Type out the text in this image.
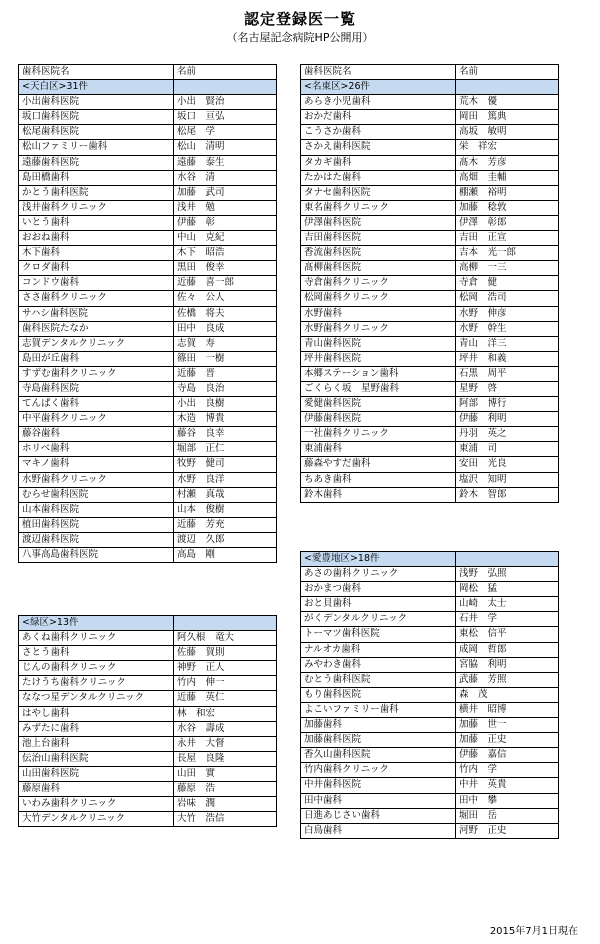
認定登録医一覧
（名古屋記念病院HP公開用）
歯科医院名	名前
<天白区>31件	
小出歯科医院	小出　賢治
坂口歯科医院	坂口　亘弘
松尾歯科医院	松尾　学
松山ファミリー歯科	松山　清明
遠藤歯科医院	遠藤　泰生
島田橋歯科	水谷　清
かとう歯科医院	加藤　武司
浅井歯科クリニック	浅井　勉
いとう歯科	伊藤　彰
おおね歯科	中山　克紀
木下歯科	木下　昭浩
クロダ歯科	黒田　俊幸
コンドウ歯科	近藤　喜一郎
ささ歯科クリニック	佐々　公人
サハシ歯科医院	佐橋　将夫
歯科医院たなか	田中　良成
志賀デンタルクリニック	志賀　寿
島田が丘歯科	篠田　一樹
すずむ歯科クリニック	近藤　晋
寺島歯科医院	寺島　良治
てんぱく歯科	小出　良樹
中平歯科クリニック	木造　博貴
藤谷歯科	藤谷　良幸
ホリベ歯科	堀部　正仁
マキノ歯科	牧野　健司
水野歯科クリニック	水野　良洋
むらせ歯科医院	村瀬　真哉
山本歯科医院	山本　俊樹
植田歯科医院	近藤　芳充
渡辺歯科医院	渡辺　久郎
八事高島歯科医院	高島　剛
<緑区>13件	
あくね歯科クリニック	阿久根　竜大
さとう歯科	佐藤　賀則
じんの歯科クリニック	神野　正人
たけうち歯科クリニック	竹内　伸一
ななつ星デンタルクリニック	近藤　英仁
はやし歯科	林　和宏
みずたに歯科	水谷　壽成
池上台歯科	永井　大督
伝治山歯科医院	長屋　良隆
山田歯科医院	山田　實
藤原歯科	藤原　浩
いわみ歯科クリニック	岩味　潤
大竹デンタルクリニック	大竹　浩信
歯科医院名	名前
<名東区>26件	
あらき小児歯科	荒木　優
おかだ歯科	岡田　篤典
こうさか歯科	高坂　敏明
さかえ歯科医院	栄　祥宏
タカギ歯科	髙木　芳彦
たかはた歯科	高畑　圭輔
タナセ歯科医院	棚瀬　裕明
東名歯科クリニック	加藤　稔敦
伊澤歯科医院	伊澤　彰郎
吉田歯科医院	吉田　正宣
香流歯科医院	吉本　光一郎
髙柳歯科医院	高柳　一三
寺倉歯科クリニック	寺倉　健
松岡歯科クリニック	松岡　浩司
水野歯科	水野　伸彦
水野歯科クリニック	水野　幹生
青山歯科医院	青山　洋三
坪井歯科医院	坪井　和義
本郷ステーション歯科	石黒　周平
ごくらく坂　星野歯科	星野　啓
愛健歯科医院	阿部　博行
伊藤歯科医院	伊藤　利明
一社歯科クリニック	丹羽　英之
東浦歯科	東浦　司
藤森やすだ歯科	安田　光良
ちあき歯科	塩沢　知明
鈴木歯科	鈴木　智郎
<愛豊地区>18件	
あさの歯科クリニック	浅野　弘照
おかまつ歯科	岡松　猛
おと貝歯科	山崎　太士
がくデンタルクリニック	石井　学
トーマツ歯科医院	東松　信平
ナルオカ歯科	成岡　哲郎
みやわき歯科	宮脇　利明
むとう歯科医院	武藤　芳照
もり歯科医院	森　茂
よこいファミリー歯科	横井　昭博
加藤歯科	加藤　世一
加藤歯科医院	加藤　正史
香久山歯科医院	伊藤　嘉信
竹内歯科クリニック	竹内　学
中井歯科医院	中井　英貴
田中歯科	田中　攀
日進あじさい歯科	堀田　岳
白鳥歯科	河野　正史
2015年7月1日現在
